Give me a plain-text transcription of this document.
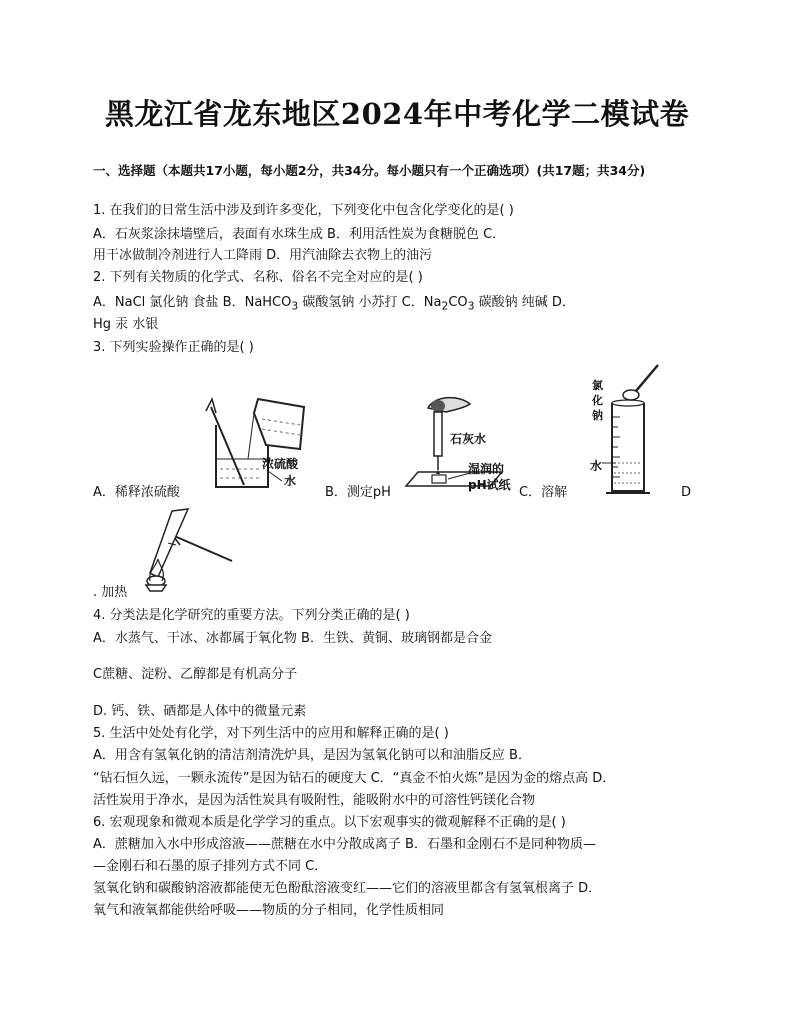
黑龙江省龙东地区2024年中考化学二模试卷
一、选择题（本题共17小题，每小题2分，共34分。每小题只有一个正确选项）(共17题；共34分)
1. 在我们的日常生活中涉及到许多变化，下列变化中包含化学变化的是( )
A．石灰浆涂抹墙壁后，表面有水珠生成 B．利用活性炭为食糖脱色 C．
用干冰做制冷剂进行人工降雨 D．用汽油除去衣物上的油污
2. 下列有关物质的化学式、名称、俗名不完全对应的是( )
A．NaCl 氯化钠 食盐 B．NaHCO$_3$ 碳酸氢钠 小苏打 C．$Na_2CO_3$ 碳酸钠 纯碱 D．
Hg 汞 水银
3. 下列实验操作正确的是( )
浓硫酸
水
A．稀释浓硫酸
石灰水
湿润的
pH试纸
B．测定pH
氯
化
钠
水
C．溶解	D
. 加热
4. 分类法是化学研究的重要方法。下列分类正确的是( )
A．水蒸气、干冰、冰都属于氧化物 B．生铁、黄铜、玻璃钢都是合金
C蔗糖、淀粉、乙醇都是有机高分子
D. 钙、铁、硒都是人体中的微量元素
5. 生活中处处有化学，对下列生活中的应用和解释正确的是( )
A．用含有氢氧化钠的清洁剂清洗炉具，是因为氢氧化钠可以和油脂反应 B．
“钻石恒久远，一颗永流传”是因为钻石的硬度大 C．“真金不怕火炼”是因为金的熔点高 D．
活性炭用于净水，是因为活性炭具有吸附性，能吸附水中的可溶性钙镁化合物
6. 宏观现象和微观本质是化学学习的重点。以下宏观事实的微观解释不正确的是( )
A．蔗糖加入水中形成溶液——蔗糖在水中分散成离子 B．石墨和金刚石不是同种物质—
—金刚石和石墨的原子排列方式不同 C．
氢氧化钠和碳酸钠溶液都能使无色酚酞溶液变红——它们的溶液里都含有氢氧根离子 D．
氧气和液氧都能供给呼吸——物质的分子相同，化学性质相同
